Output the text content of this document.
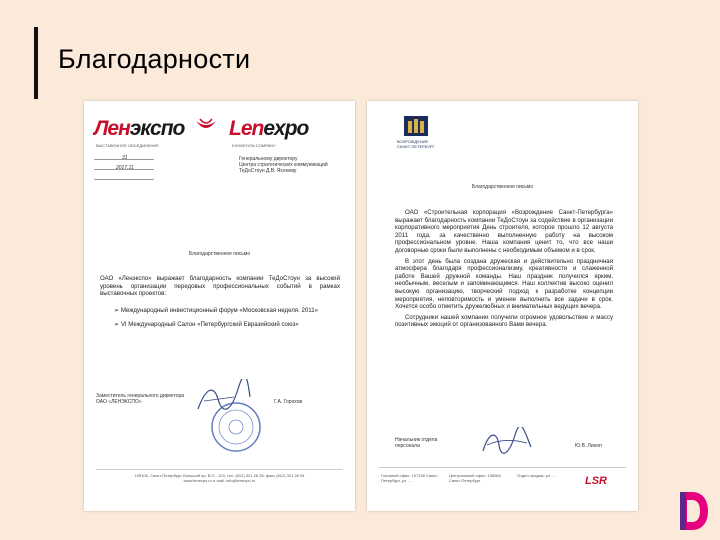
Благодарности
Ленэкспо Lenexpo
ВЫСТАВОЧНОЕ ОБЪЕДИНЕНИЕ	EXHIBITION COMPANY
31
2017.11
Генеральному директору
Центра стратегических коммуникаций
ТеДоСтоун Д.В. Ясеневу
Благодарственное письмо
ОАО «Ленэкспо» выражает благодарность компании ТеДоСтоун за высокий уровень организации передовых профессиональных событий в рамках выставочных проектов:
➢ Международный инвестиционный форум «Московская неделя. 2011»
➢ VI Международный Салон «Петербургский Евразийский союз»
Заместитель генерального директора
ОАО «ЛЕНЭКСПО»	Г.А. Горохов
199106, Санкт-Петербург, Большой пр. В.О., 103, тел. (812) 321 26 28, факс (812) 321 26 54
www.lenexpo.ru e-mail: info@lenexpo.ru
ВОЗРОЖДЕНИЕ
САНКТ-ПЕТЕРБУРГ
Благодарственное письмо
ОАО «Строительная корпорация «Возрождение Санкт-Петербурга» выражает благодарность компании ТеДоСтоун за содействие в организации корпоративного мероприятия День строителя, которое прошло 12 августа 2011 года, за качественно выполненную работу на высоком профессиональном уровне. Наша компания ценит то, что все наши договорные сроки были выполнены с необходимым объемом и в срок.
В этот день была создана дружеская и действительно праздничная атмосфера благодаря профессионализму, креативности и слаженной работе Вашей дружной команды. Наш праздник получился ярким, необычным, веселым и запоминающимся. Наш коллектив высоко оценил высокую организацию, творческий подход к разработке концепции мероприятия, неповторимость и умение выполнить все задачи в срок. Хочется особо отметить дружелюбных и внимательных ведущих вечера.
Сотрудники нашей компании получили огромное удовольствие и массу позитивных эмоций от организованного Вами вечера.
Начальник отдела
персонала	Ю.В. Линоп
Головной офис: 197198 Санкт-Петербург, ул. ...
Центральный офис: 196084 Санкт-Петербург
Отдел продаж: ул. ...	LSR
